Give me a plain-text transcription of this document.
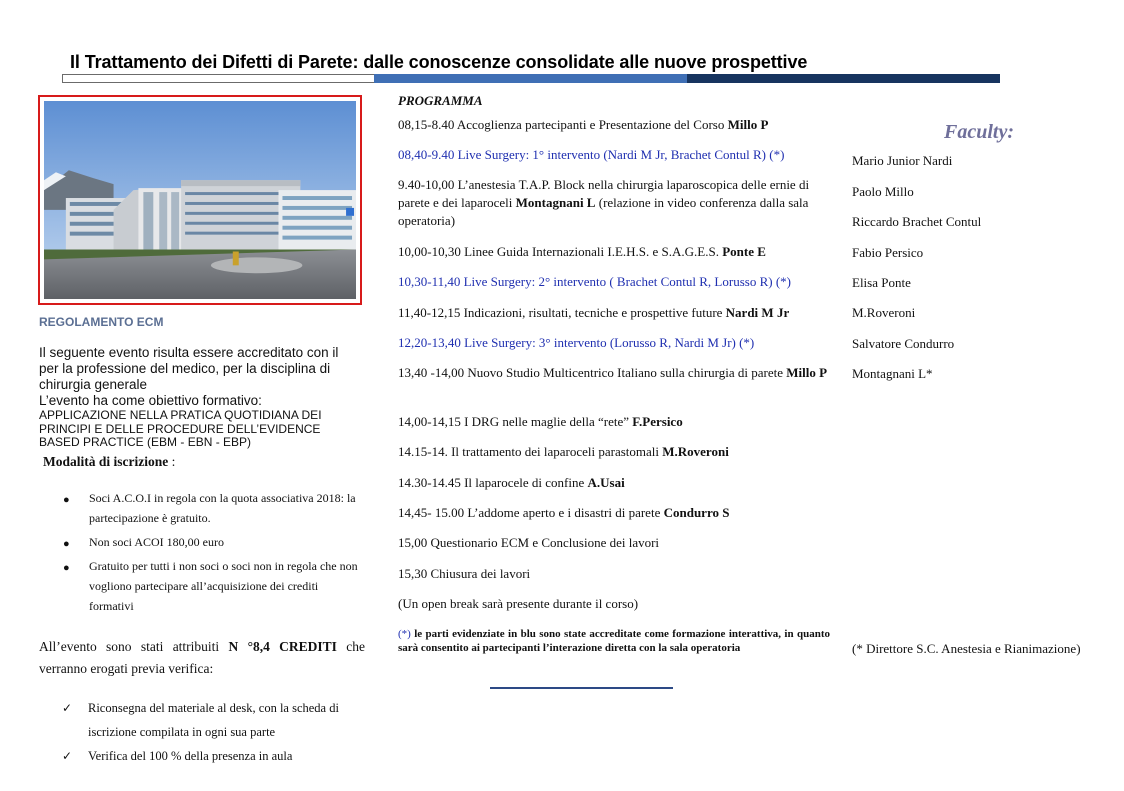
Il Trattamento dei Difetti di Parete: dalle conoscenze consolidate alle nuove prospettive
REGOLAMENTO ECM
Il seguente evento risulta essere accreditato con il per la professione del medico, per la disciplina di chirurgia generale
L’evento ha come obiettivo formativo:
APPLICAZIONE NELLA PRATICA QUOTIDIANA DEI PRINCIPI E DELLE PROCEDURE DELL’EVIDENCE BASED PRACTICE (EBM - EBN - EBP)
Modalità di iscrizione :
● Soci A.C.O.I in regola con la quota associativa 2018: la partecipazione è gratuito.
● Non soci ACOI 180,00 euro
● Gratuito per tutti i non soci o soci non in regola che non vogliono partecipare all’acquisizione dei crediti formativi
All’evento sono stati attribuiti N °8,4 CREDITI che verranno erogati previa verifica:
✓ Riconsegna del materiale al desk, con la scheda di iscrizione compilata in ogni sua parte
✓ Verifica del 100 % della presenza in aula
PROGRAMMA
08,15-8.40 Accoglienza partecipanti e Presentazione del Corso Millo P
08,40-9.40 Live Surgery: 1° intervento (Nardi M Jr, Brachet Contul R) (*)
9.40-10,00 L’anestesia T.A.P. Block nella chirurgia laparoscopica delle ernie di parete e dei laparoceli Montagnani L (relazione in video conferenza dalla sala operatoria)
10,00-10,30 Linee Guida Internazionali I.E.H.S. e S.A.G.E.S. Ponte E
10,30-11,40 Live Surgery: 2° intervento ( Brachet Contul R, Lorusso R) (*)
11,40-12,15 Indicazioni, risultati, tecniche e prospettive future Nardi M Jr
12,20-13,40 Live Surgery: 3° intervento (Lorusso R, Nardi M Jr) (*)
13,40 -14,00 Nuovo Studio Multicentrico Italiano sulla chirurgia di parete Millo P
14,00-14,15 I DRG nelle maglie della “rete” F.Persico
14.15-14. Il trattamento dei laparoceli parastomali M.Roveroni
14.30-14.45 Il laparocele di confine A.Usai
14,45- 15.00 L’addome aperto e i disastri di parete Condurro S
15,00 Questionario ECM e Conclusione dei lavori
15,30 Chiusura dei lavori
(Un open break sarà presente durante il corso)
(*) le parti evidenziate in blu sono state accreditate come formazione interattiva, in quanto sarà consentito ai partecipanti l’interazione diretta con la sala operatoria
Faculty:
Mario Junior Nardi
Paolo Millo
Riccardo Brachet Contul
Fabio Persico
Elisa Ponte
M.Roveroni
Salvatore Condurro
Montagnani L*
(* Direttore S.C. Anestesia e Rianimazione)
